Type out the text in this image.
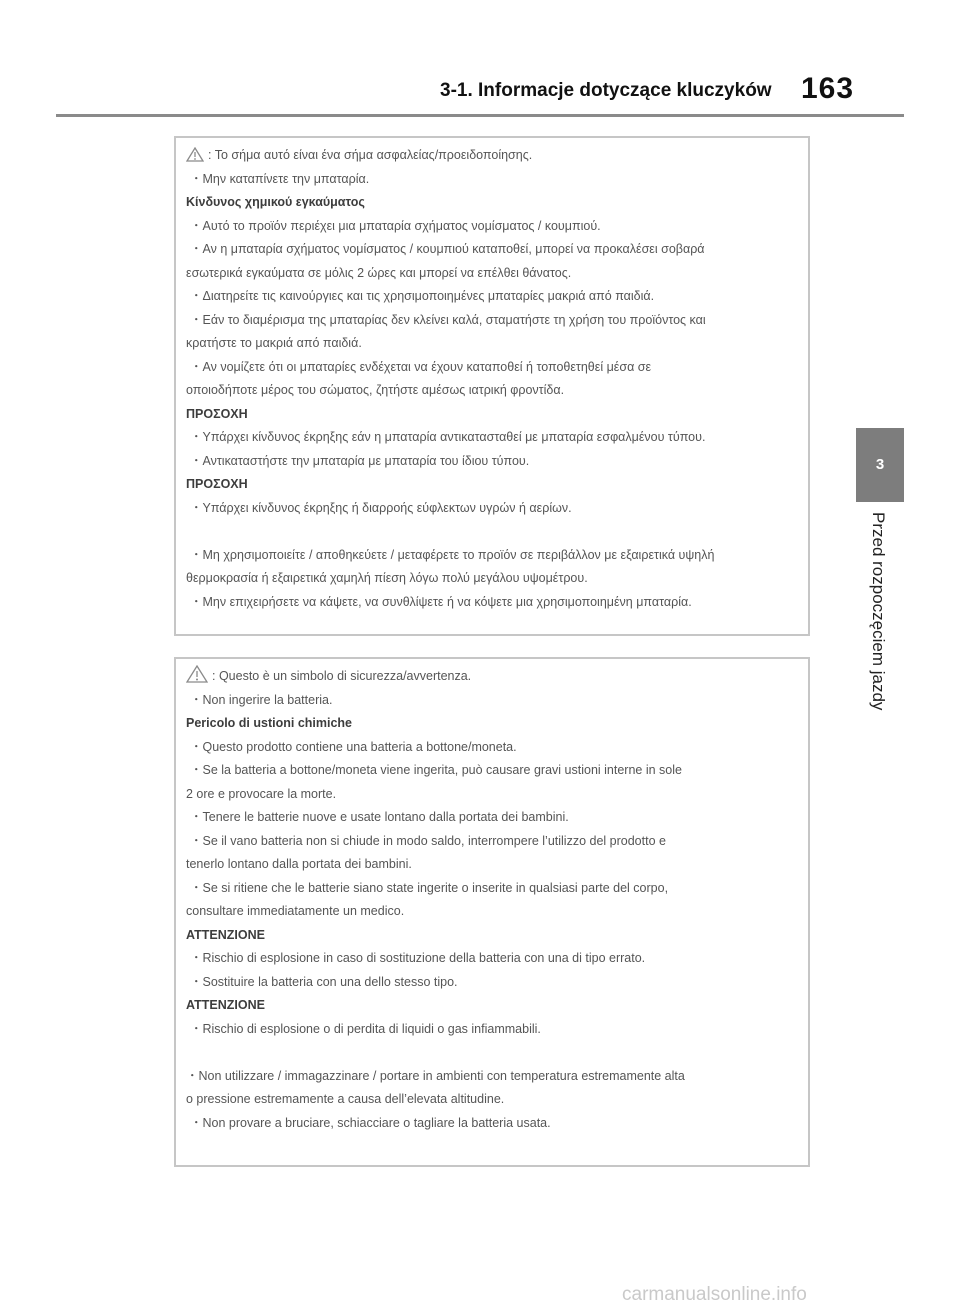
3-1. Informacje dotyczące kluczyków 163
3
Przed rozpoczęciem jazdy
: Το σήμα αυτό είναι ένα σήμα ασφαλείας/προειδοποίησης.
・Μην καταπίνετε την μπαταρία.
Κίνδυνος χημικού εγκαύματος
・Αυτό το προϊόν περιέχει μια μπαταρία σχήματος νομίσματος / κουμπιού.
・Αν η μπαταρία σχήματος νομίσματος / κουμπιού καταποθεί, μπορεί να προκαλέσει σοβαρά
εσωτερικά εγκαύματα σε μόλις 2 ώρες και μπορεί να επέλθει θάνατος.
・Διατηρείτε τις καινούργιες και τις χρησιμοποιημένες μπαταρίες μακριά από παιδιά.
・Εάν το διαμέρισμα της μπαταρίας δεν κλείνει καλά, σταματήστε τη χρήση του προϊόντος και
κρατήστε το μακριά από παιδιά.
・Αν νομίζετε ότι οι μπαταρίες ενδέχεται να έχουν καταποθεί ή τοποθετηθεί μέσα σε
οποιοδήποτε μέρος του σώματος, ζητήστε αμέσως ιατρική φροντίδα.
ΠΡΟΣΟΧΗ
・Υπάρχει κίνδυνος έκρηξης εάν η μπαταρία αντικατασταθεί με μπαταρία εσφαλμένου τύπου.
・Αντικαταστήστε την μπαταρία με μπαταρία του ίδιου τύπου.
ΠΡΟΣΟΧΗ
・Υπάρχει κίνδυνος έκρηξης ή διαρροής εύφλεκτων υγρών ή αερίων.
・Μη χρησιμοποιείτε / αποθηκεύετε / μεταφέρετε το προϊόν σε περιβάλλον με εξαιρετικά υψηλή
θερμοκρασία ή εξαιρετικά χαμηλή πίεση λόγω πολύ μεγάλου υψομέτρου.
・Μην επιχειρήσετε να κάψετε, να συνθλίψετε ή να κόψετε μια χρησιμοποιημένη μπαταρία.
: Questo è un simbolo di sicurezza/avvertenza.
・Non ingerire la batteria.
Pericolo di ustioni chimiche
・Questo prodotto contiene una batteria a bottone/moneta.
・Se la batteria a bottone/moneta viene ingerita, può causare gravi ustioni interne in sole
2 ore e provocare la morte.
・Tenere le batterie nuove e usate lontano dalla portata dei bambini.
・Se il vano batteria non si chiude in modo saldo, interrompere l’utilizzo del prodotto e
tenerlo lontano dalla portata dei bambini.
・Se si ritiene che le batterie siano state ingerite o inserite in qualsiasi parte del corpo,
consultare immediatamente un medico.
ATTENZIONE
・Rischio di esplosione in caso di sostituzione della batteria con una di tipo errato.
・Sostituire la batteria con una dello stesso tipo.
ATTENZIONE
・Rischio di esplosione o di perdita di liquidi o gas infiammabili.
・Non utilizzare / immagazzinare / portare in ambienti con temperatura estremamente alta
o pressione estremamente a causa dell’elevata altitudine.
・Non provare a bruciare, schiacciare o tagliare la batteria usata.
carmanualsonline.info
